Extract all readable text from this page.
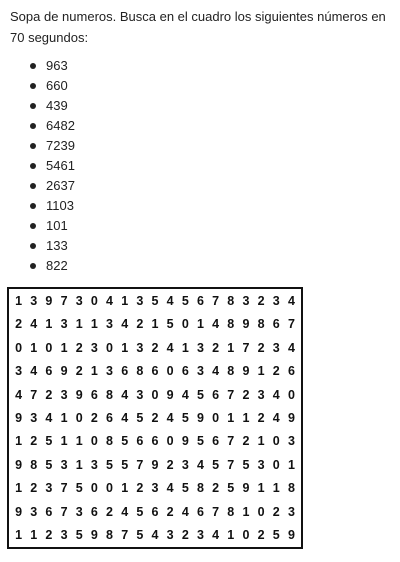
Sopa de numeros. Busca en el cuadro los siguientes números en 70 segundos:
963
660
439
6482
7239
5461
2637
1103
101
133
822
1 3 9 7 3 0 4 1 3 5 4 5 6 7 8 3 2 3 4
2 4 1 3 1 1 3 4 2 1 5 0 1 4 8 9 8 6 7
0 1 0 1 2 3 0 1 3 2 4 1 3 2 1 7 2 3 4
3 4 6 9 2 1 3 6 8 6 0 6 3 4 8 9 1 2 6
4 7 2 3 9 6 8 4 3 0 9 4 5 6 7 2 3 4 0
9 3 4 1 0 2 6 4 5 2 4 5 9 0 1 1 2 4 9
1 2 5 1 1 0 8 5 6 6 0 9 5 6 7 2 1 0 3
9 8 5 3 1 3 5 5 7 9 2 3 4 5 7 5 3 0 1
1 2 3 7 5 0 0 1 2 3 4 5 8 2 5 9 1 1 8
9 3 6 7 3 6 2 4 5 6 2 4 6 7 8 1 0 2 3
1 1 2 3 5 9 8 7 5 4 3 2 3 4 1 0 2 5 9
